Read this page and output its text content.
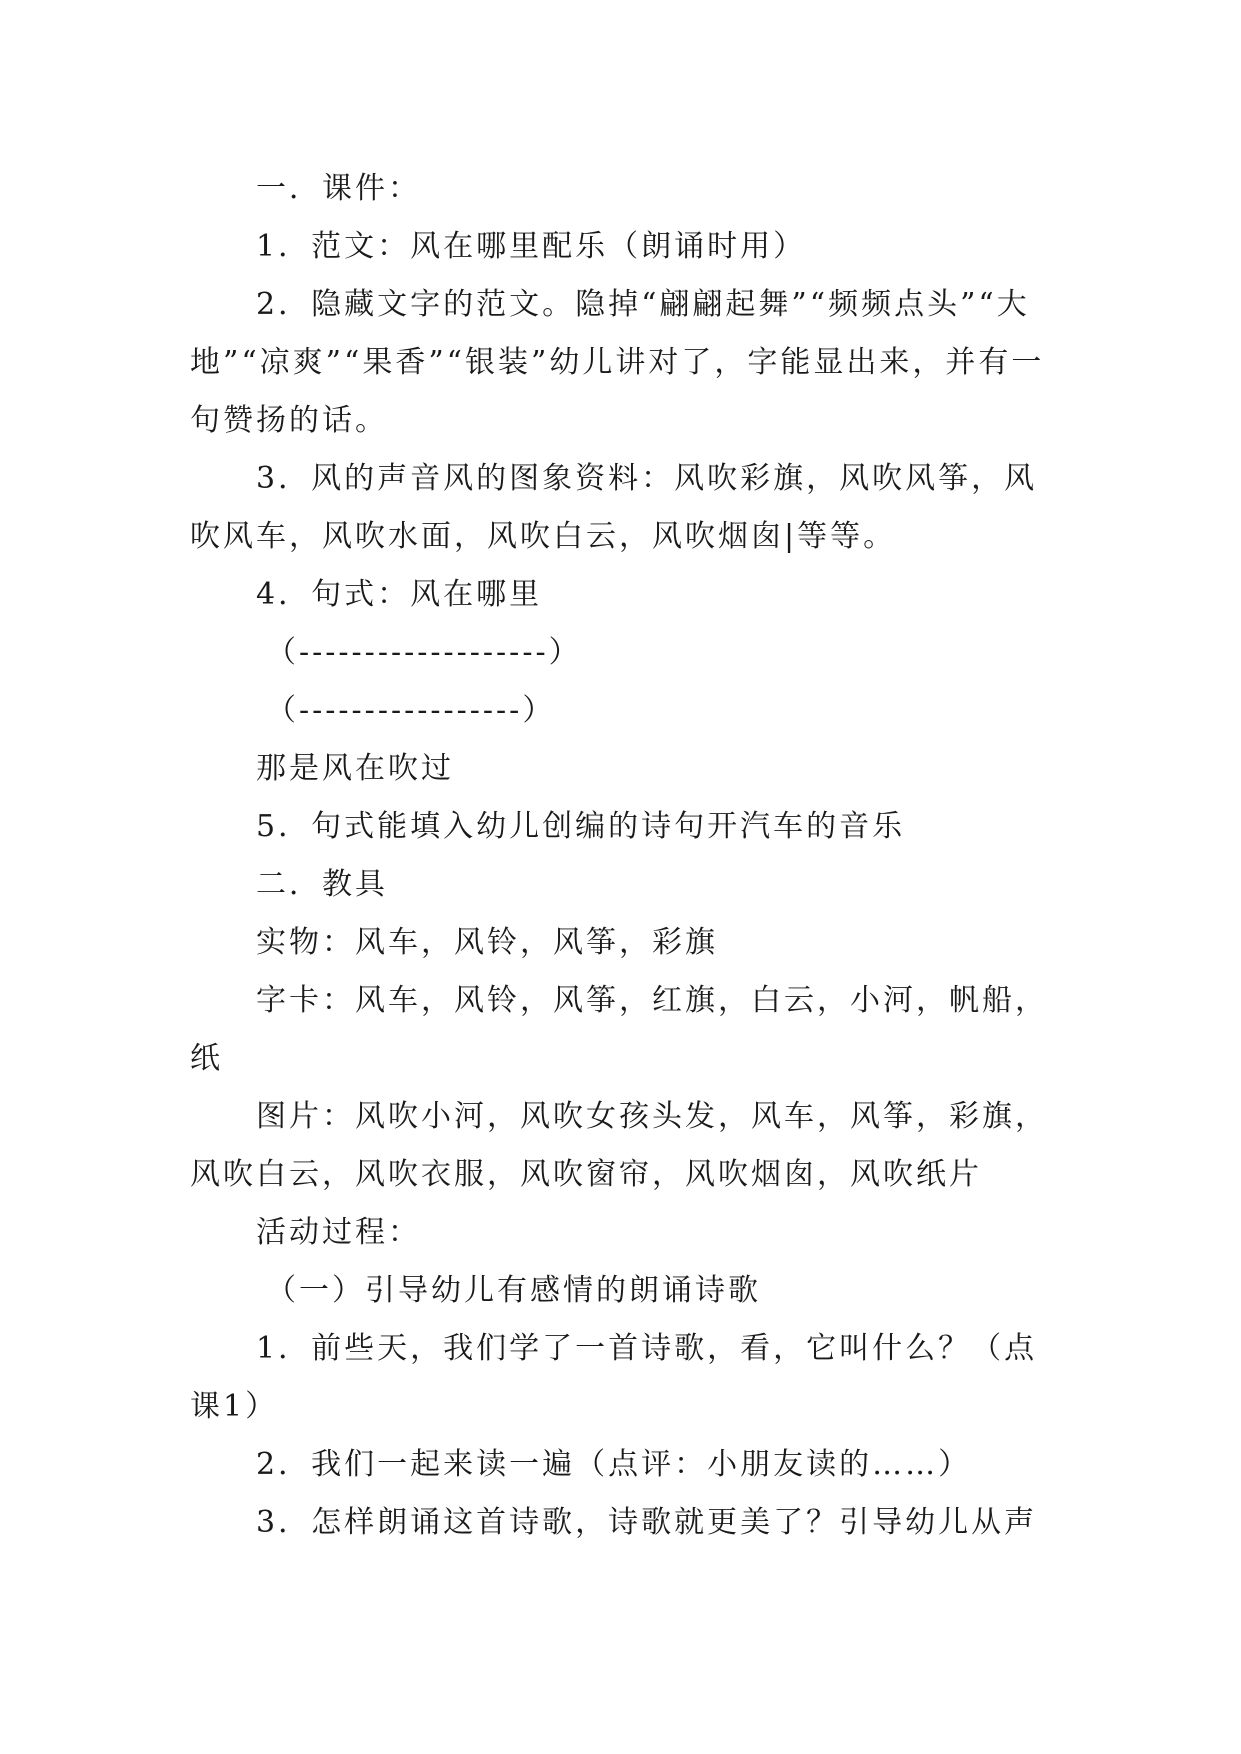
一．课件：

1．范文：风在哪里配乐（朗诵时用）

2．隐藏文字的范文。隐掉“翩翩起舞”“频频点头”“大地”“凉爽”“果香”“银装”幼儿讲对了，字能显出来，并有一句赞扬的话。

3．风的声音风的图象资料：风吹彩旗，风吹风筝，风吹风车，风吹水面，风吹白云，风吹烟囱|等等。

4．句式：风在哪里

（-------------------）

（-----------------）

那是风在吹过

5．句式能填入幼儿创编的诗句开汽车的音乐

二．教具

实物：风车，风铃，风筝，彩旗

字卡：风车，风铃，风筝，红旗，白云，小河，帆船，纸

图片：风吹小河，风吹女孩头发，风车，风筝，彩旗，风吹白云，风吹衣服，风吹窗帘，风吹烟囱，风吹纸片

活动过程：

（一）引导幼儿有感情的朗诵诗歌

1．前些天，我们学了一首诗歌，看，它叫什么？（点课1）

2．我们一起来读一遍（点评：小朋友读的……）

3．怎样朗诵这首诗歌，诗歌就更美了？引导幼儿从声
